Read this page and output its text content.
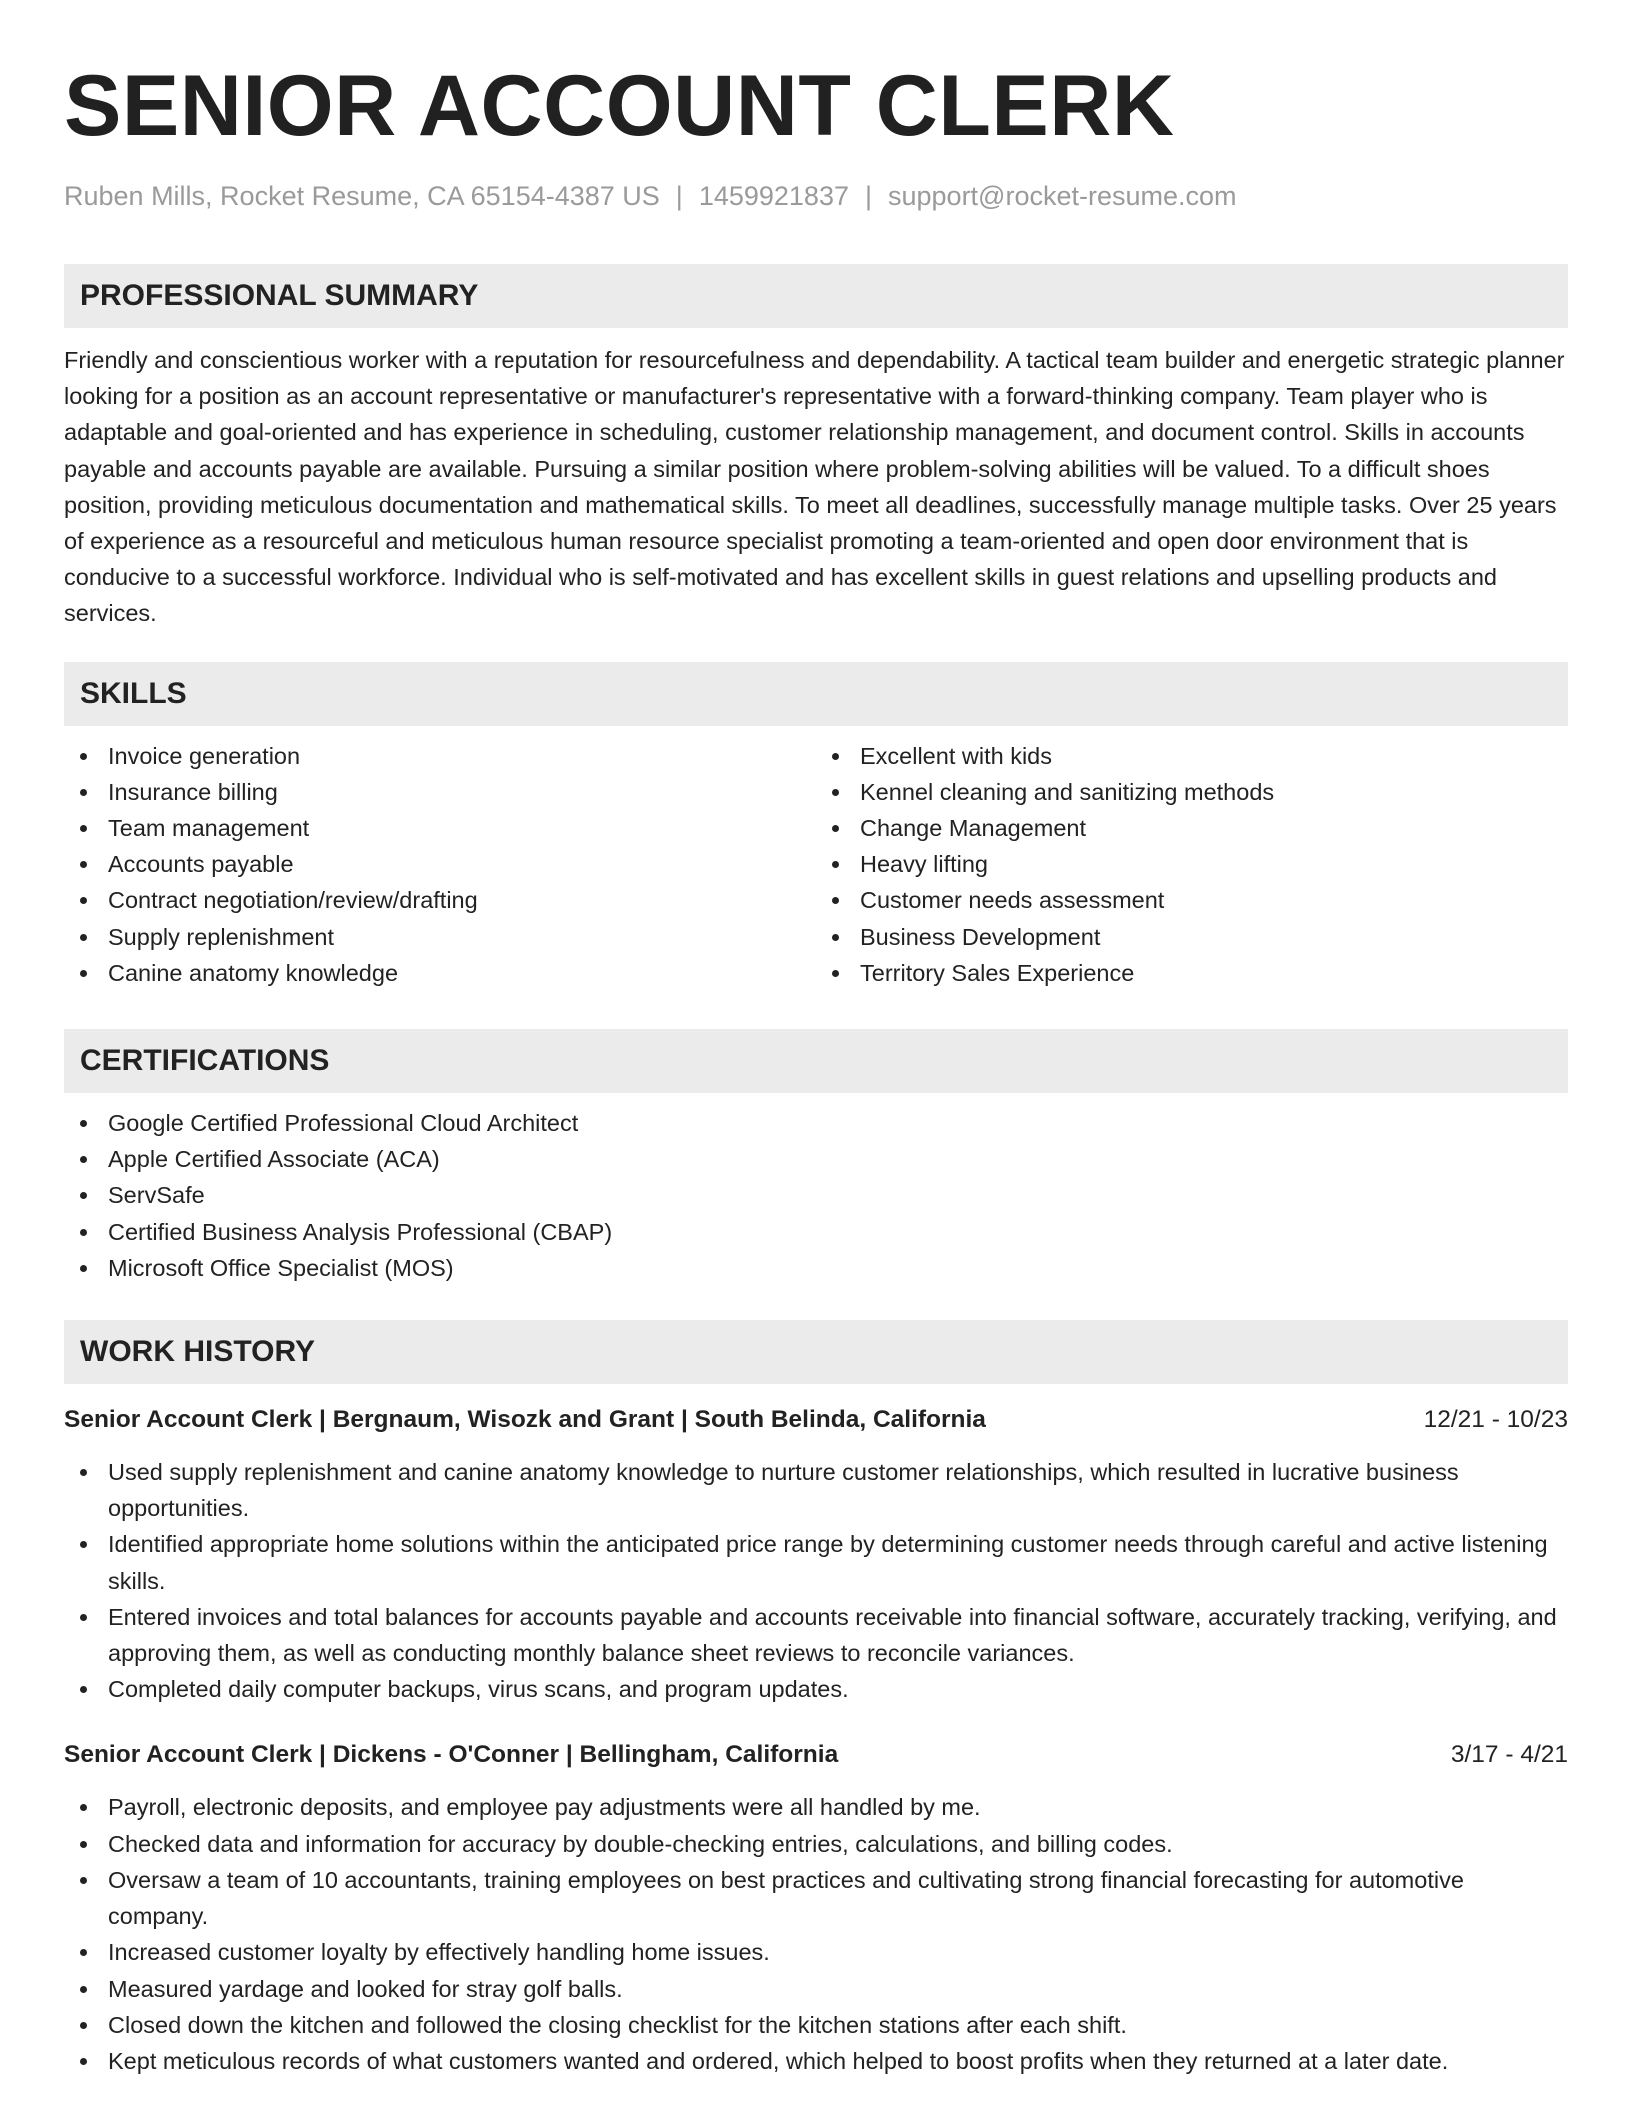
SENIOR ACCOUNT CLERK
Ruben Mills, Rocket Resume, CA 65154-4387 US | 1459921837 | support@rocket-resume.com
PROFESSIONAL SUMMARY
Friendly and conscientious worker with a reputation for resourcefulness and dependability. A tactical team builder and energetic strategic planner looking for a position as an account representative or manufacturer's representative with a forward-thinking company. Team player who is adaptable and goal-oriented and has experience in scheduling, customer relationship management, and document control. Skills in accounts payable and accounts payable are available. Pursuing a similar position where problem-solving abilities will be valued. To a difficult shoes position, providing meticulous documentation and mathematical skills. To meet all deadlines, successfully manage multiple tasks. Over 25 years of experience as a resourceful and meticulous human resource specialist promoting a team-oriented and open door environment that is conducive to a successful workforce. Individual who is self-motivated and has excellent skills in guest relations and upselling products and services.
SKILLS
Invoice generation
Insurance billing
Team management
Accounts payable
Contract negotiation/review/drafting
Supply replenishment
Canine anatomy knowledge
Excellent with kids
Kennel cleaning and sanitizing methods
Change Management
Heavy lifting
Customer needs assessment
Business Development
Territory Sales Experience
CERTIFICATIONS
Google Certified Professional Cloud Architect
Apple Certified Associate (ACA)
ServSafe
Certified Business Analysis Professional (CBAP)
Microsoft Office Specialist (MOS)
WORK HISTORY
Senior Account Clerk | Bergnaum, Wisozk and Grant | South Belinda, California	12/21 - 10/23
Used supply replenishment and canine anatomy knowledge to nurture customer relationships, which resulted in lucrative business opportunities.
Identified appropriate home solutions within the anticipated price range by determining customer needs through careful and active listening skills.
Entered invoices and total balances for accounts payable and accounts receivable into financial software, accurately tracking, verifying, and approving them, as well as conducting monthly balance sheet reviews to reconcile variances.
Completed daily computer backups, virus scans, and program updates.
Senior Account Clerk | Dickens - O'Conner | Bellingham, California	3/17 - 4/21
Payroll, electronic deposits, and employee pay adjustments were all handled by me.
Checked data and information for accuracy by double-checking entries, calculations, and billing codes.
Oversaw a team of 10 accountants, training employees on best practices and cultivating strong financial forecasting for automotive company.
Increased customer loyalty by effectively handling home issues.
Measured yardage and looked for stray golf balls.
Closed down the kitchen and followed the closing checklist for the kitchen stations after each shift.
Kept meticulous records of what customers wanted and ordered, which helped to boost profits when they returned at a later date.
